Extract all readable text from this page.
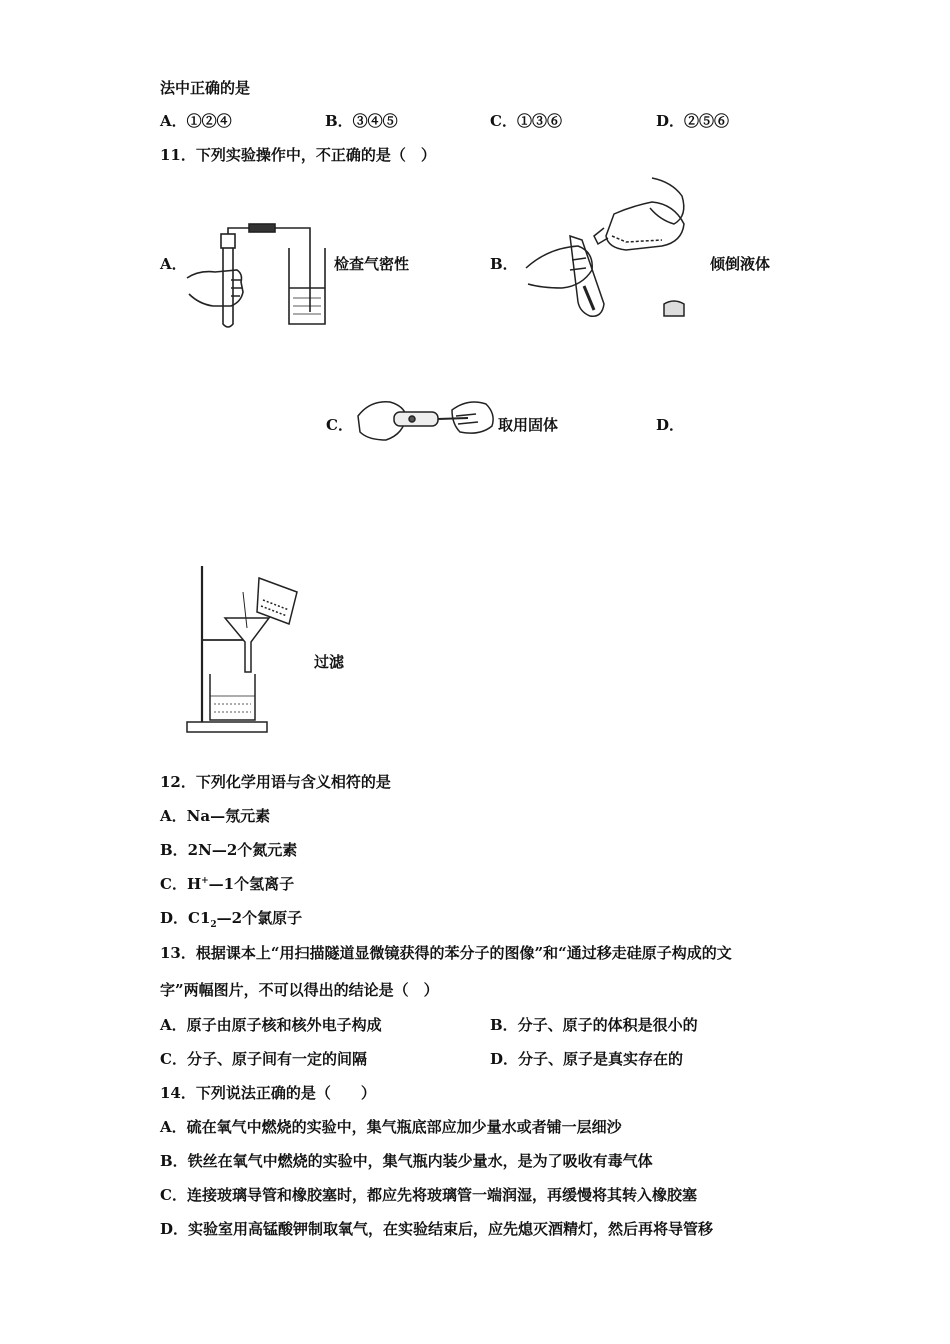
法中正确的是
A．①②④	B．③④⑤	C．①③⑥	D．②⑤⑥
11．下列实验操作中，不正确的是（　）
A．	检查气密性	B．	倾倒液体
C．	取用固体	D．
过滤
12．下列化学用语与含义相符的是
A．Na—氖元素
B．2N—2个氮元素
C．H+—1个氢离子
D．$C1_2—2$个氯原子
13．根据课本上“用扫描隧道显微镜获得的苯分子的图像”和“通过移走硅原子构成的文
字”两幅图片，不可以得出的结论是（　）
A．原子由原子核和核外电子构成	B．分子、原子的体积是很小的
C．分子、原子间有一定的间隔	D．分子、原子是真实存在的
14．下列说法正确的是（　　）
A．硫在氧气中燃烧的实验中，集气瓶底部应加少量水或者铺一层细沙
B．铁丝在氧气中燃烧的实验中，集气瓶内装少量水，是为了吸收有毒气体
C．连接玻璃导管和橡胶塞时，都应先将玻璃管一端润湿，再缓慢将其转入橡胶塞
D．实验室用高锰酸钾制取氧气，在实验结束后，应先熄灭酒精灯，然后再将导管移
